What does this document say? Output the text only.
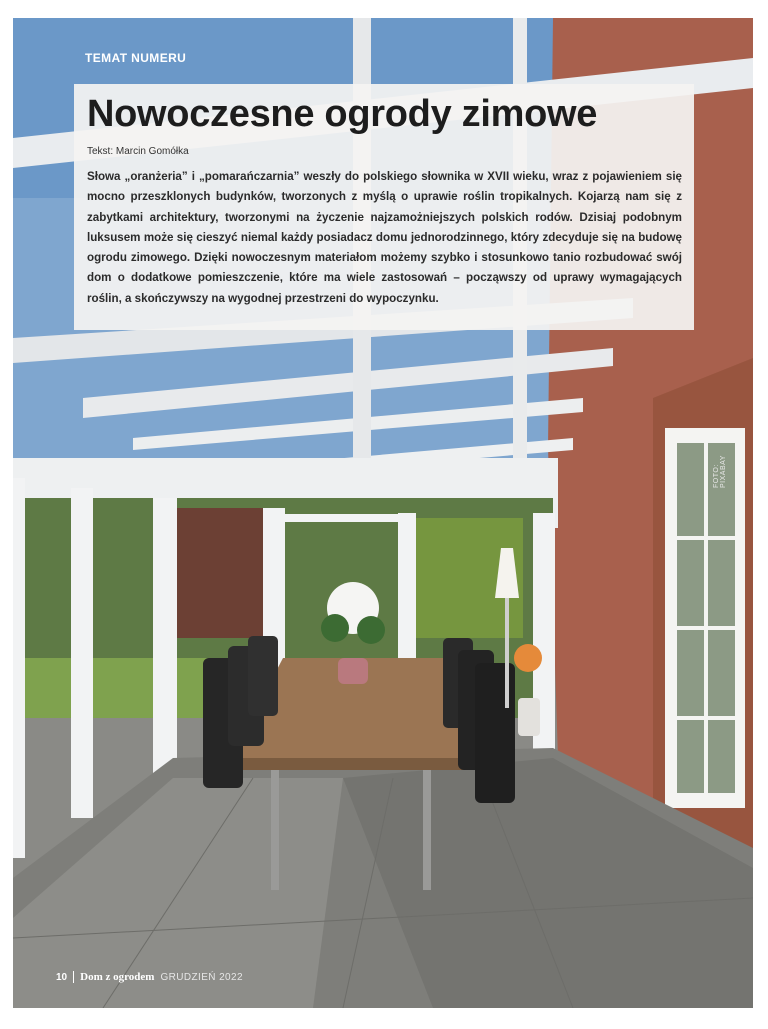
TEMAT NUMERU
Nowoczesne ogrody zimowe
Tekst: Marcin Gomółka
Słowa „oranżeria” i „pomarańczarnia” weszły do polskiego słownika w XVII wieku, wraz z pojawieniem się mocno przeszklonych budynków, tworzonych z myślą o uprawie roślin tropikalnych. Kojarzą nam się z zabytkami architektury, tworzonymi na życzenie najzamożniejszych polskich rodów. Dzisiaj podobnym luksusem może się cieszyć niemal każdy posiadacz domu jednorodzinnego, który zdecyduje się na budowę ogrodu zimowego. Dzięki nowoczesnym materiałom możemy szybko i stosunkowo tanio rozbudować swój dom o dodatkowe pomieszczenie, które ma wiele zastosowań – począwszy od uprawy wymagających roślin, a skończywszy na wygodnej przestrzeni do wypoczynku.
FOTO: PIXABAY
10 Dom z ogrodem GRUDZIEŃ 2022
